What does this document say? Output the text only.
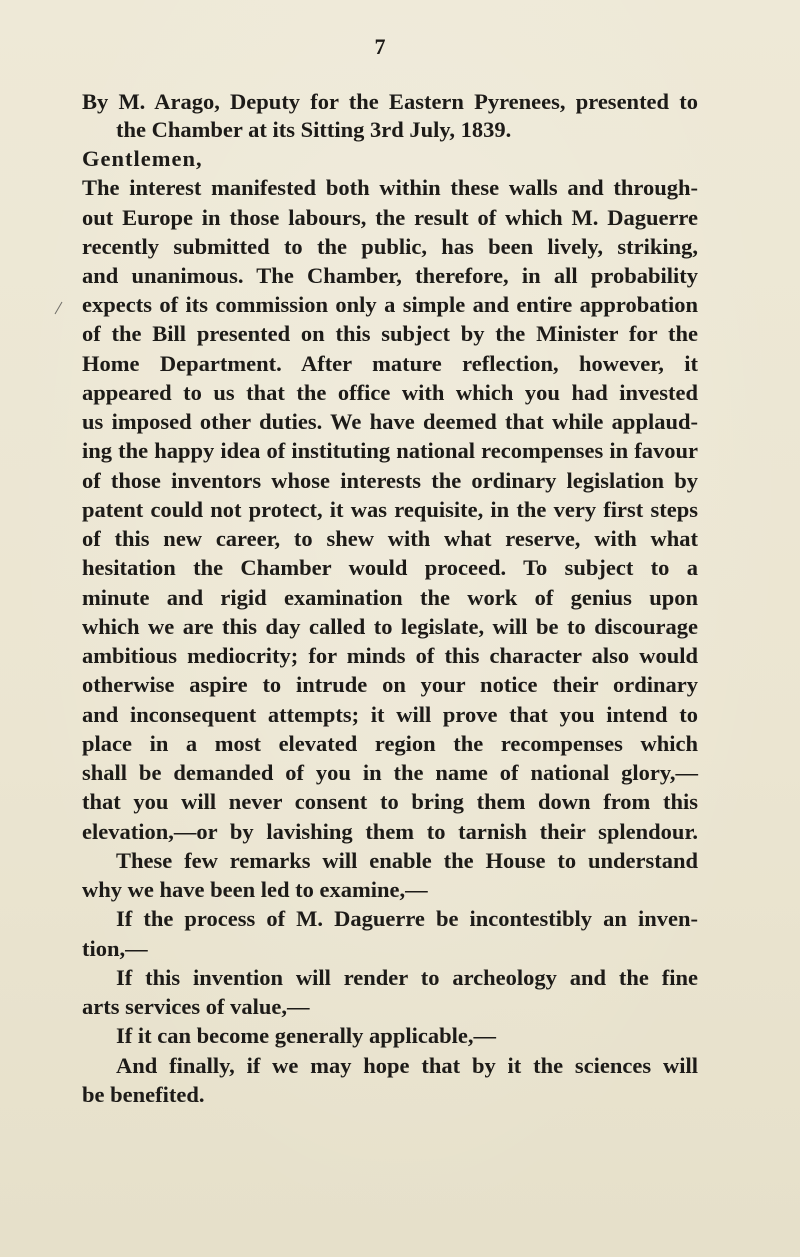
7
By M. Arago, Deputy for the Eastern Pyrenees, presented to
the Chamber at its Sitting 3rd July, 1839.
Gentlemen,
The interest manifested both within these walls and through-
out Europe in those labours, the result of which M. Daguerre
recently submitted to the public, has been lively, striking,
and unanimous. The Chamber, therefore, in all probability
expects of its commission only a simple and entire approbation
of the Bill presented on this subject by the Minister for the
Home Department. After mature reflection, however, it
appeared to us that the office with which you had invested
us imposed other duties. We have deemed that while applaud-
ing the happy idea of instituting national recompenses in favour
of those inventors whose interests the ordinary legislation by
patent could not protect, it was requisite, in the very first steps
of this new career, to shew with what reserve, with what
hesitation the Chamber would proceed. To subject to a
minute and rigid examination the work of genius upon
which we are this day called to legislate, will be to discourage
ambitious mediocrity; for minds of this character also would
otherwise aspire to intrude on your notice their ordinary
and inconsequent attempts; it will prove that you intend to
place in a most elevated region the recompenses which
shall be demanded of you in the name of national glory,—
that you will never consent to bring them down from this
elevation,—or by lavishing them to tarnish their splendour.
These few remarks will enable the House to understand
why we have been led to examine,—
If the process of M. Daguerre be incontestibly an inven-
tion,—
If this invention will render to archeology and the fine
arts services of value,—
If it can become generally applicable,—
And finally, if we may hope that by it the sciences will
be benefited.
